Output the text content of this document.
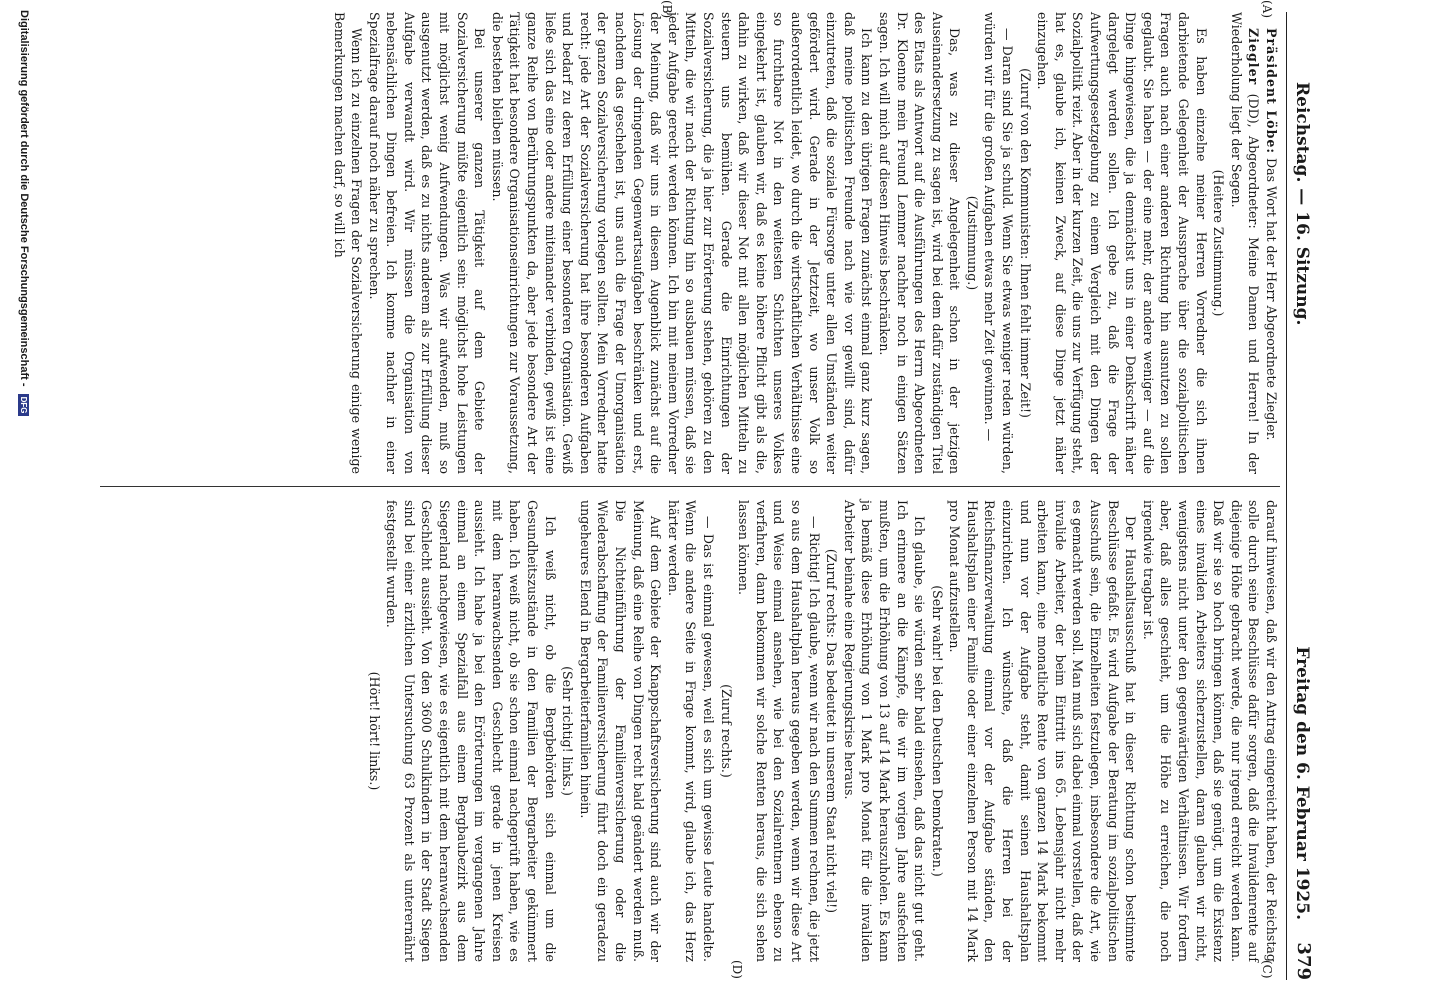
Reichstag. — 16. Sitzung.
Freitag den 6. Februar 1925.
379
(A)
(B)
(C)
(D)

Präsident Löbe: Das Wort hat der Herr Abgeordnete Ziegler.

Ziegler (DD), Abgeordneter: Meine Damen und Herren! In der Wiederholung liegt der Segen.

(Heitere Zustimmung.)

Es haben einzelne meiner Herren Vorredner die sich ihnen darbietende Gelegenheit der Aussprache über die sozialpolitischen Fragen auch nach einer anderen Richtung hin ausnutzen zu sollen geglaubt. Sie haben — der eine mehr, der andere weniger — auf die Dinge hingewiesen, die ja demnächst uns in einer Denkschrift näher dargelegt werden sollen. Ich gebe zu, daß die Frage der Aufwertungsgesetzgebung zu einem Vergleich mit den Dingen der Sozialpolitik reizt. Aber in der kurzen Zeit, die uns zur Verfügung steht, hat es, glaube ich, keinen Zweck, auf diese Dinge jetzt näher einzugehen.

(Zuruf von den Kommunisten: Ihnen fehlt immer Zeit!)

— Daran sind Sie ja schuld. Wenn Sie etwas weniger reden würden, würden wir für die großen Aufgaben etwas mehr Zeit gewinnen. —

(Zustimmung.)

Das, was zu dieser Angelegenheit schon in der jetzigen Auseinandersetzung zu sagen ist, wird bei dem dafür zuständigen Titel des Etats als Antwort auf die Ausführungen des Herrn Abgeordneten Dr. Kloenne mein Freund Lemmer nachher noch in einigen Sätzen sagen. Ich will mich auf diesen Hinweis beschränken.

Ich kann zu den übrigen Fragen zunächst einmal ganz kurz sagen, daß meine politischen Freunde nach wie vor gewillt sind, dafür einzutreten, daß die soziale Fürsorge unter allen Umständen weiter gefördert wird. Gerade in der Jetztzeit, wo unser Volk so außerordentlich leidet, wo durch die wirtschaftlichen Verhältnisse eine so furchtbare Not in den weitesten Schichten unseres Volkes eingekehrt ist, glauben wir, daß es keine höhere Pflicht gibt als die, dahin zu wirken, daß wir dieser Not mit allen möglichen Mitteln zu steuern uns bemühen. Gerade die Einrichtungen der Sozialversicherung, die ja hier zur Erörterung stehen, gehören zu den Mitteln, die wir nach der Richtung hin so ausbauen müssen, daß sie jeder Aufgabe gerecht werden können. Ich bin mit meinem Vorredner der Meinung, daß wir uns in diesem Augenblick zunächst auf die Lösung der dringenden Gegenwartsaufgaben beschränken und erst, nachdem das geschehen ist, uns auch die Frage der Umorganisation der ganzen Sozialversicherung vorlegen sollten. Mein Vorredner hatte recht: jede Art der Sozialversicherung hat ihre besonderen Aufgaben und bedarf zu deren Erfüllung einer besonderen Organisation. Gewiß ließe sich das eine oder andere miteinander verbinden, gewiß ist eine ganze Reihe von Berührungspunkten da, aber jede besondere Art der Tätigkeit hat besondere Organisationseinrichtungen zur Voraussetzung, die bestehen bleiben müssen.

Bei unserer ganzen Tätigkeit auf dem Gebiete der Sozialversicherung müßte eigentlich sein: möglichst hohe Leistungen mit möglichst wenig Aufwendungen. Was wir aufwenden, muß so ausgenutzt werden, daß es zu nichts anderem als zur Erfüllung dieser Aufgabe verwandt wird. Wir müssen die Organisation von nebensächlichen Dingen befreien. Ich komme nachher in einer Spezialfrage darauf noch näher zu sprechen.

Wenn ich zu einzelnen Fragen der Sozialversicherung einige wenige Bemerkungen machen darf, so will ich

darauf hinweisen, daß wir den Antrag eingereicht haben, der Reichstag solle durch seine Beschlüsse dafür sorgen, daß die Invalidenrente auf diejenige Höhe gebracht werde, die nur irgend erreicht werden kann. Daß wir sie so hoch bringen können, daß sie genügt, um die Existenz eines invaliden Arbeiters sicherzustellen, daran glauben wir nicht, wenigstens nicht unter den gegenwärtigen Verhältnissen. Wir fordern aber, daß alles geschieht, um die Höhe zu erreichen, die noch irgendwie tragbar ist.

Der Haushaltsausschuß hat in dieser Richtung schon bestimmte Beschlüsse gefaßt. Es wird Aufgabe der Beratung im sozialpolitischen Ausschuß sein, die Einzelheiten festzulegen, insbesondere die Art, wie es gemacht werden soll. Man muß sich dabei einmal vorstellen, daß der invalide Arbeiter, der beim Eintritt ins 65. Lebensjahr nicht mehr arbeiten kann, eine monatliche Rente von ganzen 14 Mark bekommt und nun vor der Aufgabe steht, damit seinen Haushaltsplan einzurichten. Ich wünschte, daß die Herren bei der Reichsfinanzverwaltung einmal vor der Aufgabe ständen, den Haushaltsplan einer Familie oder einer einzelnen Person mit 14 Mark pro Monat aufzustellen.

(Sehr wahr! bei den Deutschen Demokraten.)

Ich glaube, sie würden sehr bald einsehen, daß das nicht gut geht. Ich erinnere an die Kämpfe, die wir im vorigen Jahre ausfechten mußten, um die Erhöhung von 13 auf 14 Mark herauszuholen. Es kann ja bemäß diese Erhöhung von 1 Mark pro Monat für die invaliden Arbeiter beinahe eine Regierungskrise heraus.

(Zuruf rechts: Das bedeutet in unserem Staat nicht viel!)

— Richtig! Ich glaube, wenn wir nach den Summen rechnen, die jetzt so aus dem Haushaltplan heraus gegeben werden, wenn wir diese Art und Weise einmal ansehen, wie bei den Sozialrentnern ebenso zu verfahren, dann bekommen wir solche Renten heraus, die sich sehen lassen können.

(Zuruf rechts.)

— Das ist einmal gewesen, weil es sich um gewisse Leute handelte. Wenn die andere Seite in Frage kommt, wird, glaube ich, das Herz härter werden.

Auf dem Gebiete der Knappschaftsversicherung sind auch wir der Meinung, daß eine Reihe von Dingen recht bald geändert werden muß. Die Nichteinführung der Familienversicherung oder die Wiederabschaffung der Familienversicherung führt doch ein geradezu ungeheures Elend in Bergarbeiterfamilien hinein.

(Sehr richtig! links.)

Ich weiß nicht, ob die Bergbehörden sich einmal um die Gesundheitszustände in den Familien der Bergarbeiter gekümmert haben. Ich weiß nicht, ob sie schon einmal nachgeprüft haben, wie es mit dem heranwachsenden Geschlecht gerade in jenen Kreisen aussieht. Ich habe ja bei den Erörterungen im vergangenen Jahre einmal an einem Spezialfall aus einem Bergbaubezirk aus dem Siegerland nachgewiesen, wie es eigentlich mit dem heranwachsenden Geschlecht aussieht. Von den 3600 Schulkindern in der Stadt Siegen sind bei einer ärztlichen Untersuchung 63 Prozent als unterernährt festgestellt wurden.

(Hört! hört! links.)

Digitalisierung gefördert durch die Deutsche Forschungsgemeinschaft - DFG
